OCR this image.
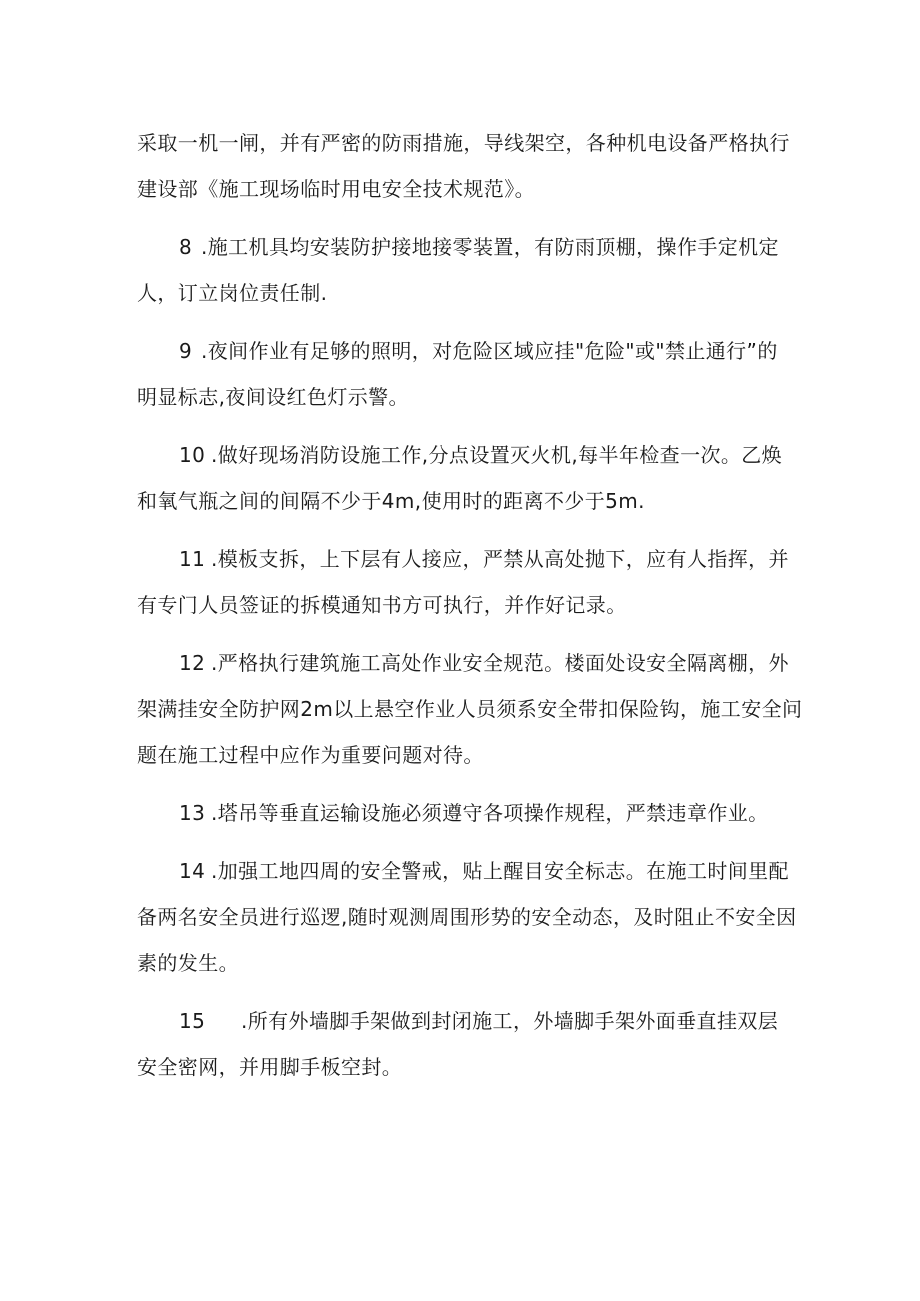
采取一机一闸，并有严密的防雨措施，导线架空，各种机电设备严格执行
建设部《施工现场临时用电安全技术规范》。
8 .施工机具均安装防护接地接零装置，有防雨顶棚，操作手定机定
人，订立岗位责任制.
9 .夜间作业有足够的照明，对危险区域应挂"危险"或"禁止通行”的
明显标志,夜间设红色灯示警。
10 .做好现场消防设施工作,分点设置灭火机,每半年检查一次。乙焕
和氧气瓶之间的间隔不少于4m,使用时的距离不少于5m.
11 .模板支拆，上下层有人接应，严禁从高处抛下，应有人指挥，并
有专门人员签证的拆模通知书方可执行，并作好记录。
12 .严格执行建筑施工高处作业安全规范。楼面处设安全隔离棚，外
架满挂安全防护网2m以上悬空作业人员须系安全带扣保险钩，施工安全问
题在施工过程中应作为重要问题对待。
13 .塔吊等垂直运输设施必须遵守各项操作规程，严禁违章作业。
14 .加强工地四周的安全警戒，贴上醒目安全标志。在施工时间里配
备两名安全员进行巡逻,随时观测周围形势的安全动态，及时阻止不安全因
素的发生。
15 .所有外墙脚手架做到封闭施工，外墙脚手架外面垂直挂双层
安全密网，并用脚手板空封。
